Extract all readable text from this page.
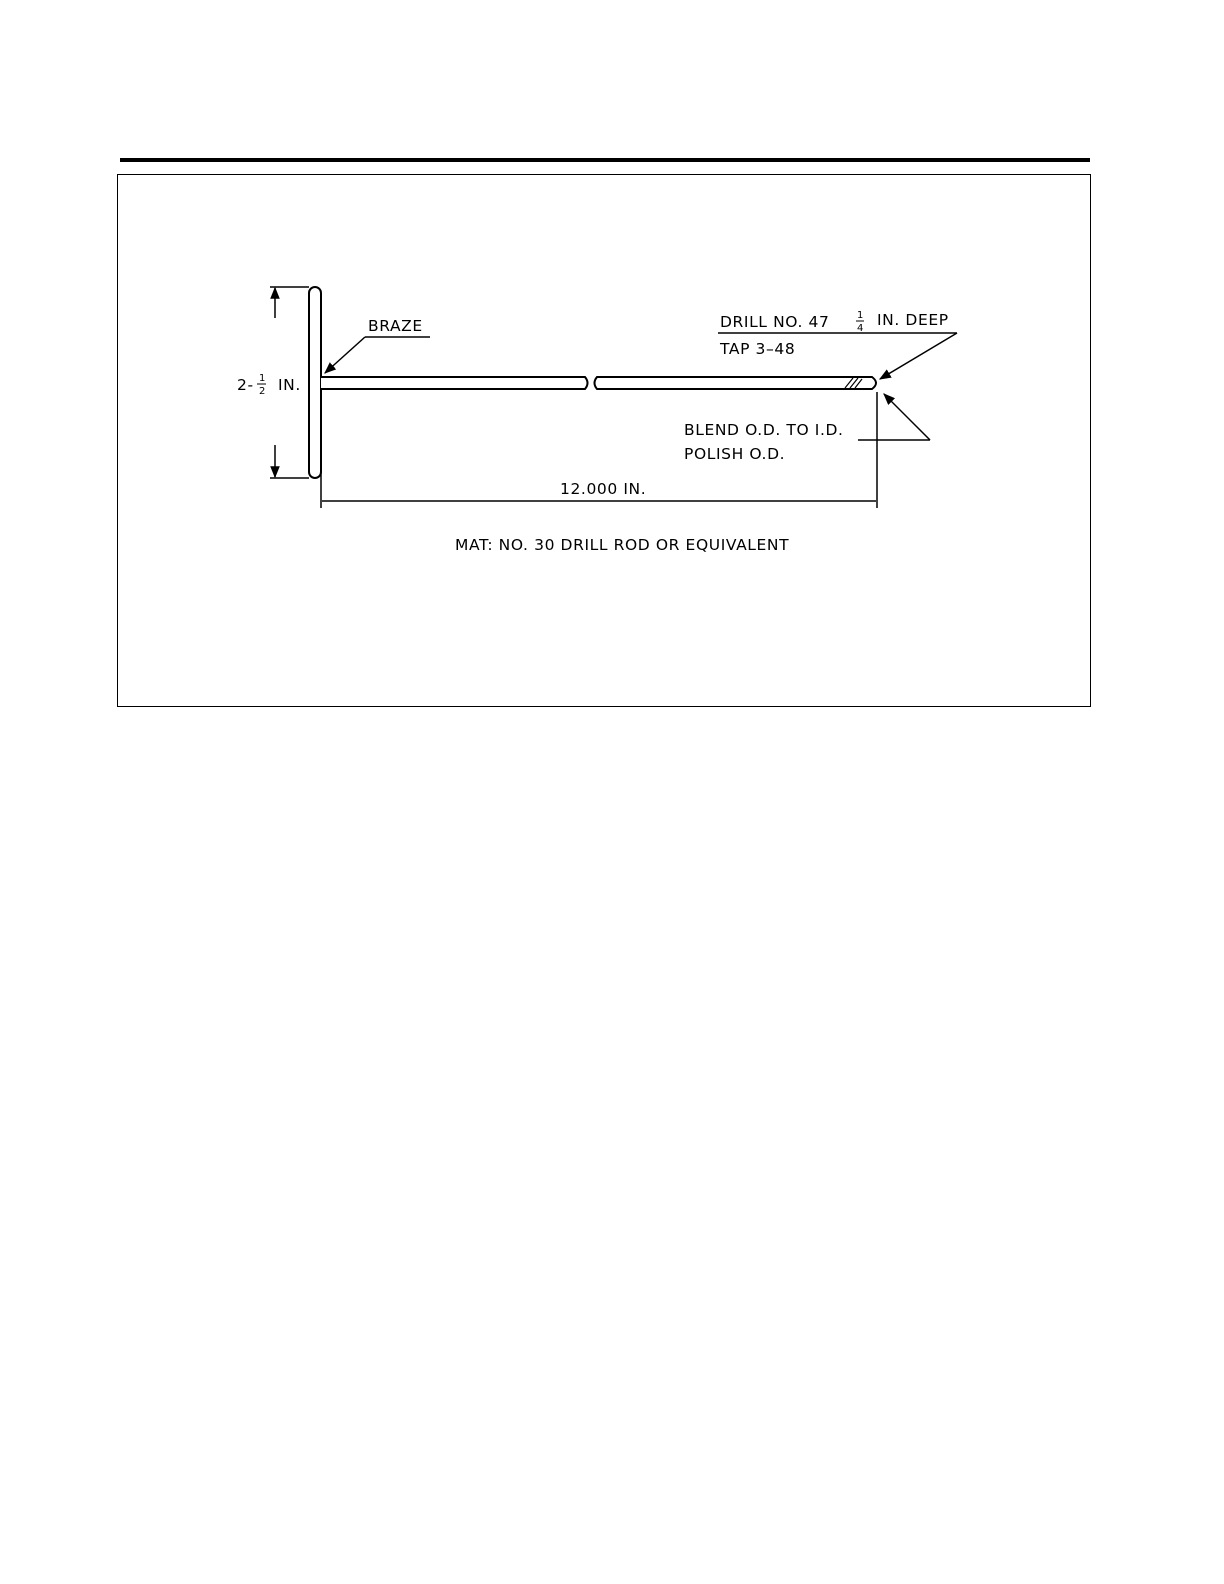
2- 1
2 IN.
BRAZE	DRILL NO. 47	1
4 IN. DEEP
TAP 3–48
BLEND O.D. TO I.D.
POLISH O.D.
12.000 IN.
MAT: NO. 30 DRILL ROD OR EQUIVALENT
